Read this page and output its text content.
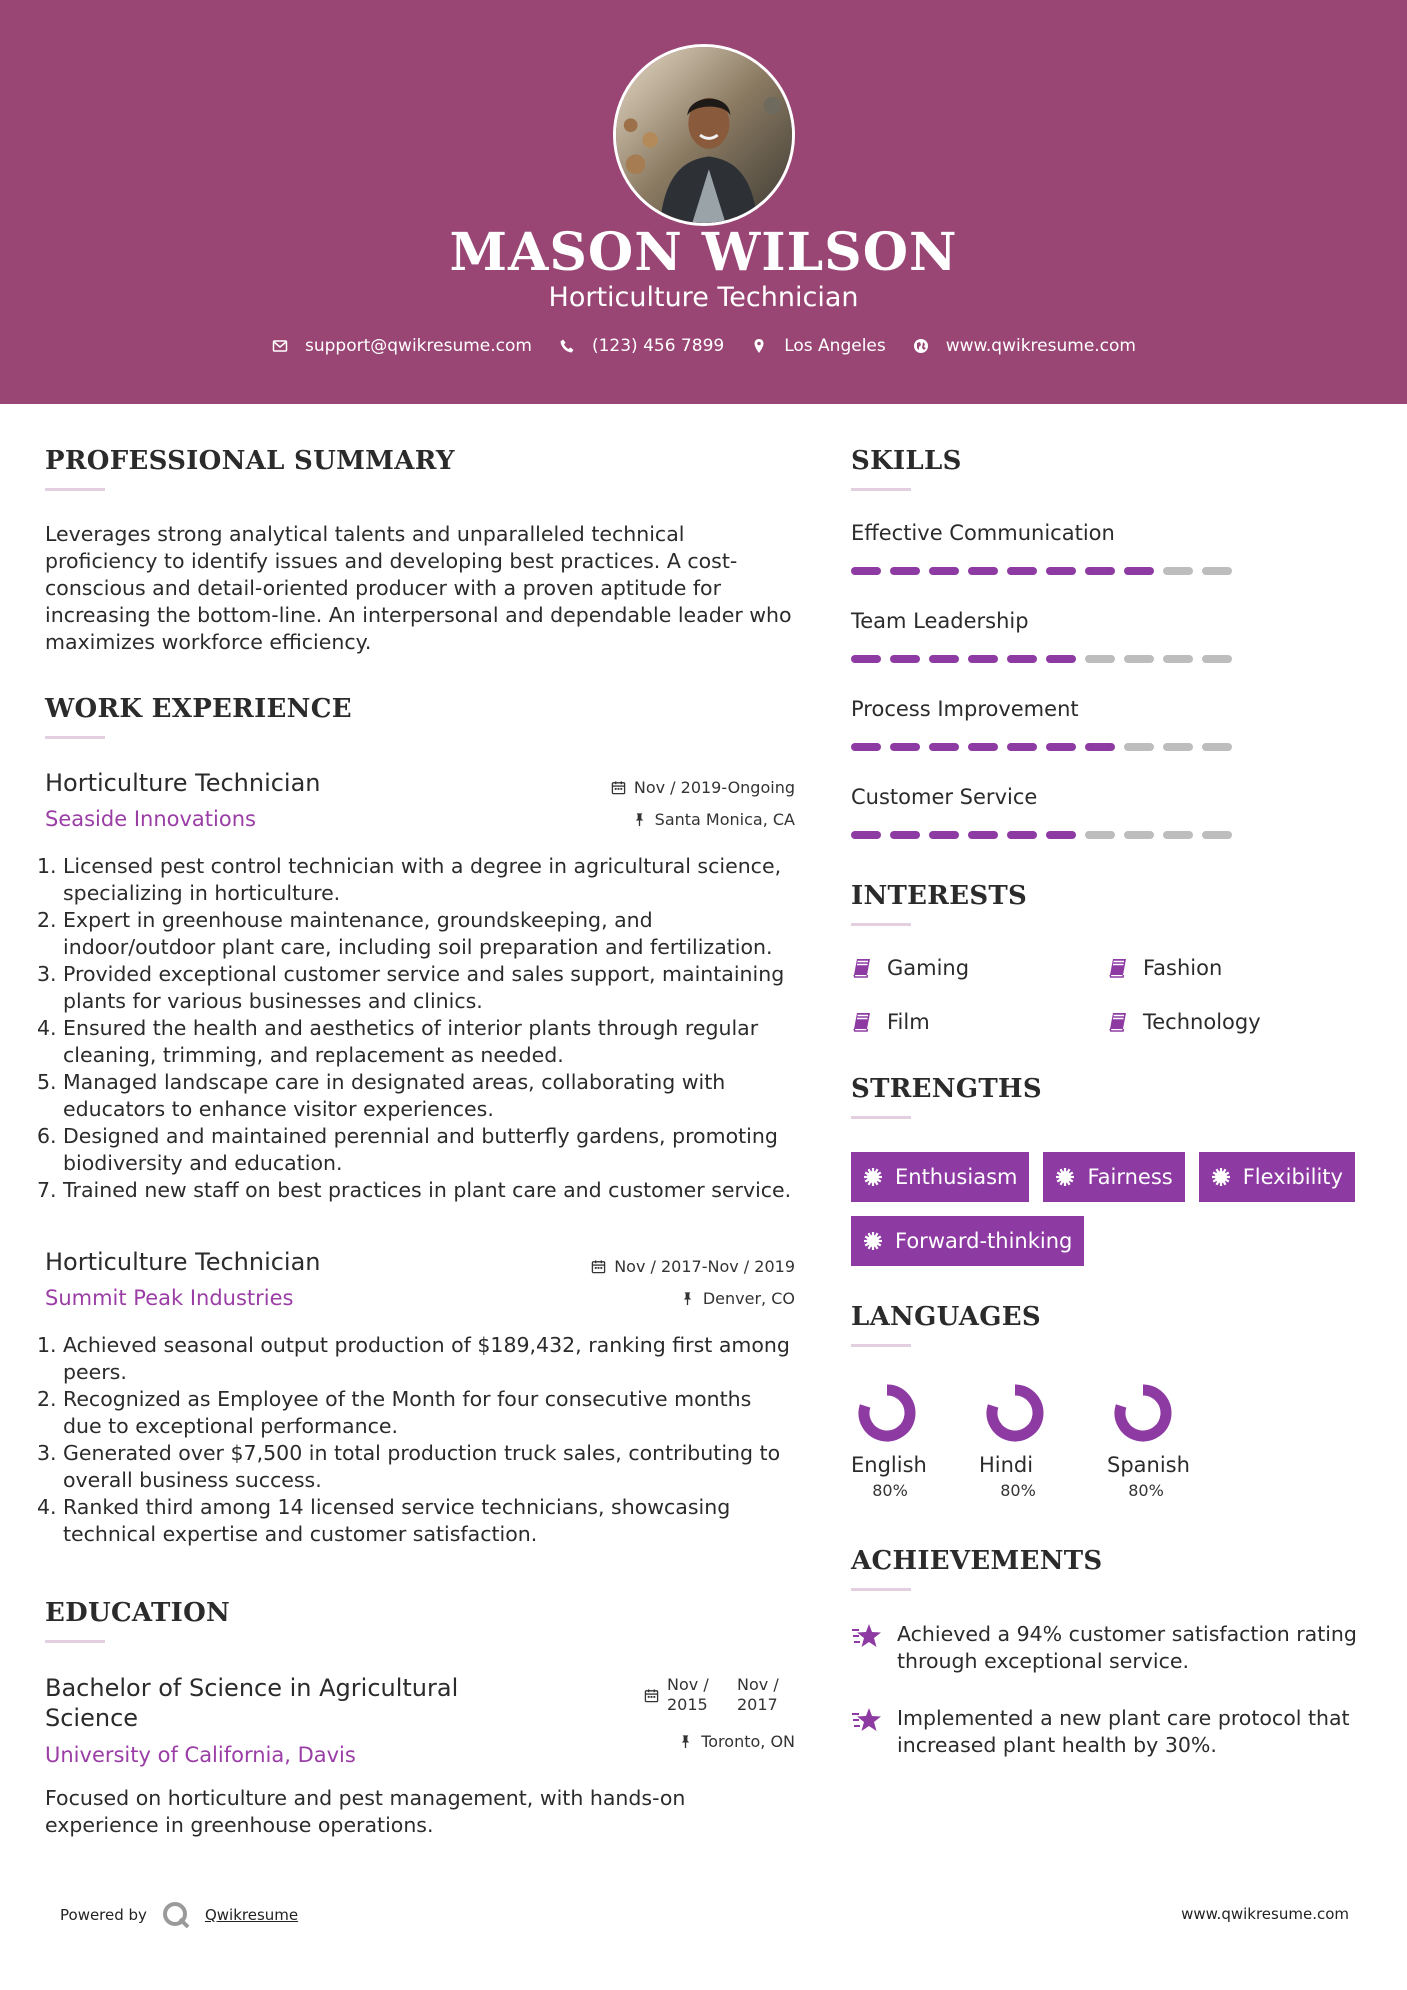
MASON WILSON
Horticulture Technician
support@qwikresume.com	(123) 456 7899	Los Angeles	www.qwikresume.com
PROFESSIONAL SUMMARY
Leverages strong analytical talents and unparalleled technical proficiency to identify issues and developing best practices. A cost-conscious and detail-oriented producer with a proven aptitude for increasing the bottom-line. An interpersonal and dependable leader who maximizes workforce efficiency.
WORK EXPERIENCE
Horticulture Technician
Seaside Innovations
Nov / 2019-Ongoing
Santa Monica, CA
1. Licensed pest control technician with a degree in agricultural science, specializing in horticulture.
2. Expert in greenhouse maintenance, groundskeeping, and indoor/outdoor plant care, including soil preparation and fertilization.
3. Provided exceptional customer service and sales support, maintaining plants for various businesses and clinics.
4. Ensured the health and aesthetics of interior plants through regular cleaning, trimming, and replacement as needed.
5. Managed landscape care in designated areas, collaborating with educators to enhance visitor experiences.
6. Designed and maintained perennial and butterfly gardens, promoting biodiversity and education.
7. Trained new staff on best practices in plant care and customer service.
Horticulture Technician
Summit Peak Industries
Nov / 2017-Nov / 2019
Denver, CO
1. Achieved seasonal output production of $189,432, ranking first among peers.
2. Recognized as Employee of the Month for four consecutive months due to exceptional performance.
3. Generated over $7,500 in total production truck sales, contributing to overall business success.
4. Ranked third among 14 licensed service technicians, showcasing technical expertise and customer satisfaction.
EDUCATION
Bachelor of Science in Agricultural Science
University of California, Davis
Nov / 2015
Nov / 2017
Toronto, ON
Focused on horticulture and pest management, with hands-on experience in greenhouse operations.
SKILLS
Effective Communication
Team Leadership
Process Improvement
Customer Service
INTERESTS
Gaming	Fashion
Film	Technology
STRENGTHS
Enthusiasm	Fairness	Flexibility
Forward-thinking
LANGUAGES
English
80%
Hindi
80%
Spanish
80%
ACHIEVEMENTS
Achieved a 94% customer satisfaction rating through exceptional service.
Implemented a new plant care protocol that increased plant health by 30%.
Powered by	Qwikresume	www.qwikresume.com
